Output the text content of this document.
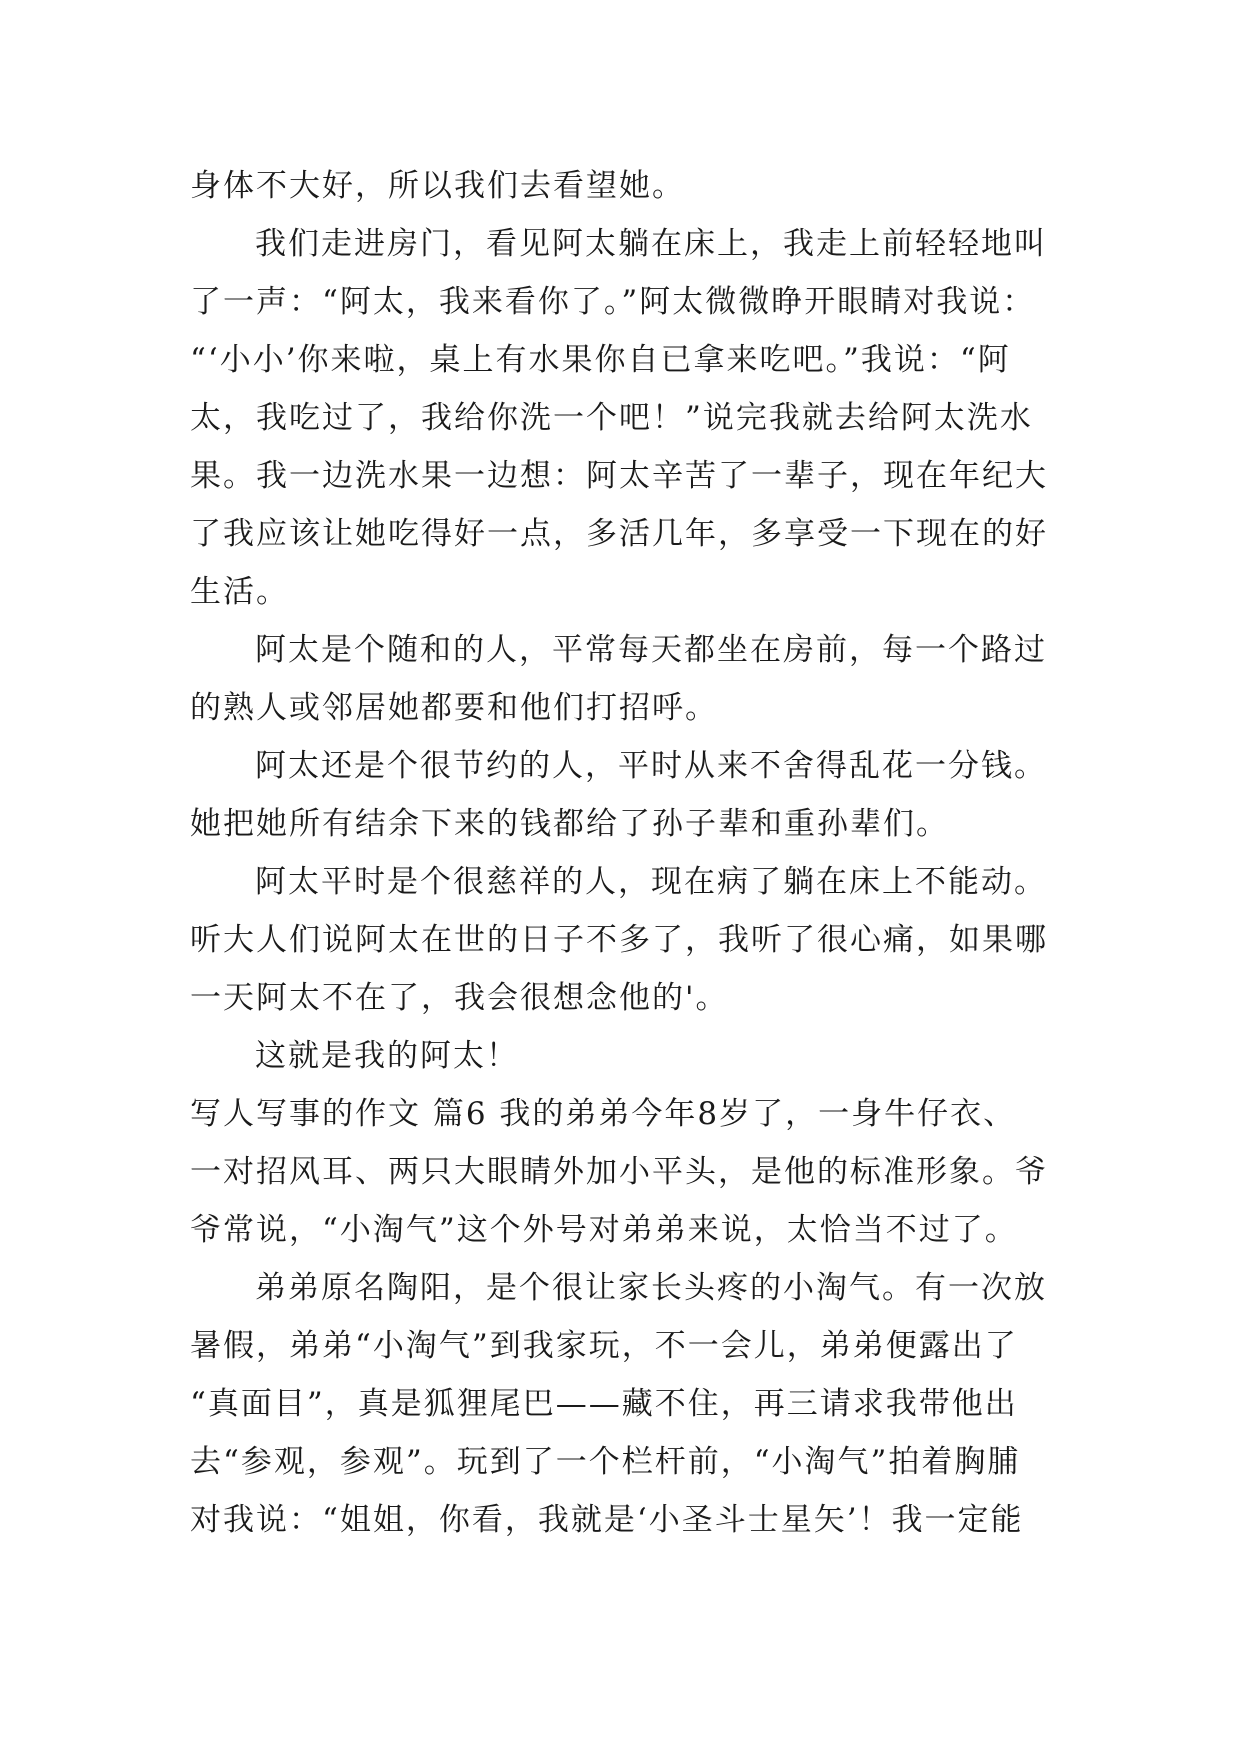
身体不大好，所以我们去看望她。
我们走进房门，看见阿太躺在床上，我走上前轻轻地叫
了一声：“阿太，我来看你了。”阿太微微睁开眼睛对我说：
“‘小小’你来啦，桌上有水果你自已拿来吃吧。”我说：“阿
太，我吃过了，我给你洗一个吧！”说完我就去给阿太洗水
果。我一边洗水果一边想：阿太辛苦了一辈子，现在年纪大
了我应该让她吃得好一点，多活几年，多享受一下现在的好
生活。
阿太是个随和的人，平常每天都坐在房前，每一个路过
的熟人或邻居她都要和他们打招呼。
阿太还是个很节约的人，平时从来不舍得乱花一分钱。
她把她所有结余下来的钱都给了孙子辈和重孙辈们。
阿太平时是个很慈祥的人，现在病了躺在床上不能动。
听大人们说阿太在世的日子不多了，我听了很心痛，如果哪
一天阿太不在了，我会很想念他的'。
这就是我的阿太！
写人写事的作文 篇6 我的弟弟今年8岁了，一身牛仔衣、
一对招风耳、两只大眼睛外加小平头，是他的标准形象。爷
爷常说，“小淘气”这个外号对弟弟来说，太恰当不过了。
弟弟原名陶阳，是个很让家长头疼的小淘气。有一次放
暑假，弟弟“小淘气”到我家玩，不一会儿，弟弟便露出了
“真面目”，真是狐狸尾巴——藏不住，再三请求我带他出
去“参观，参观”。玩到了一个栏杆前，“小淘气”拍着胸脯
对我说：“姐姐，你看，我就是‘小圣斗士星矢’！我一定能
